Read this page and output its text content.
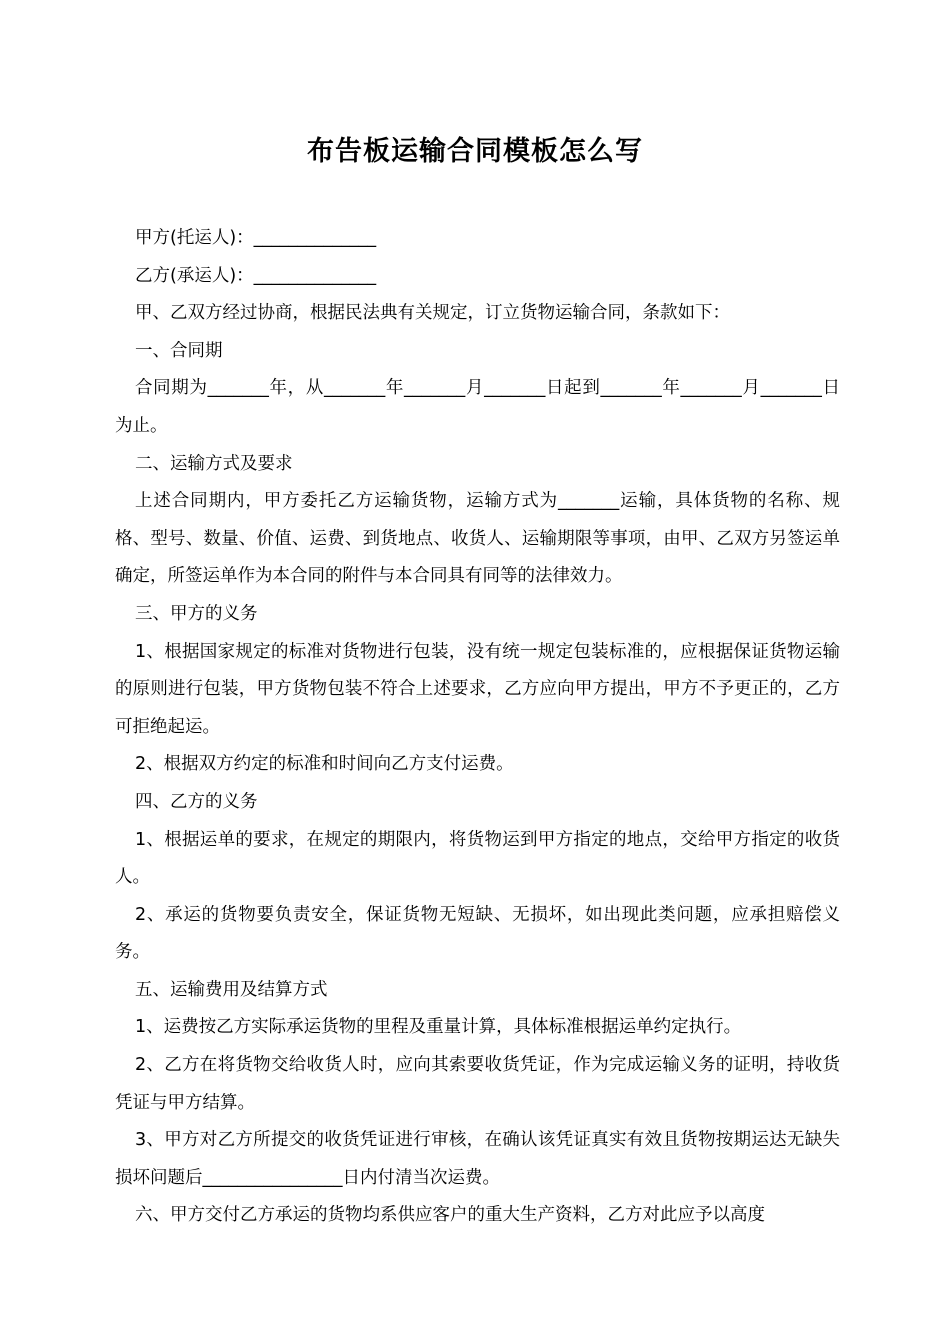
布告板运输合同模板怎么写

甲方(托运人)：______________

乙方(承运人)：______________

甲、乙双方经过协商，根据民法典有关规定，订立货物运输合同，条款如下：

一、合同期

合同期为_______年，从_______年_______月_______日起到_______年_______月_______日为止。

二、运输方式及要求

上述合同期内，甲方委托乙方运输货物，运输方式为_______运输，具体货物的名称、规格、型号、数量、价值、运费、到货地点、收货人、运输期限等事项，由甲、乙双方另签运单确定，所签运单作为本合同的附件与本合同具有同等的法律效力。

三、甲方的义务

1、根据国家规定的标准对货物进行包装，没有统一规定包装标准的，应根据保证货物运输的原则进行包装，甲方货物包装不符合上述要求，乙方应向甲方提出，甲方不予更正的，乙方可拒绝起运。

2、根据双方约定的标准和时间向乙方支付运费。

四、乙方的义务

1、根据运单的要求，在规定的期限内，将货物运到甲方指定的地点，交给甲方指定的收货人。

2、承运的货物要负责安全，保证货物无短缺、无损坏，如出现此类问题，应承担赔偿义务。

五、运输费用及结算方式

1、运费按乙方实际承运货物的里程及重量计算，具体标准根据运单约定执行。

2、乙方在将货物交给收货人时，应向其索要收货凭证，作为完成运输义务的证明，持收货凭证与甲方结算。

3、甲方对乙方所提交的收货凭证进行审核，在确认该凭证真实有效且货物按期运达无缺失损坏问题后________________日内付清当次运费。

六、甲方交付乙方承运的货物均系供应客户的重大生产资料，乙方对此应予以高度
